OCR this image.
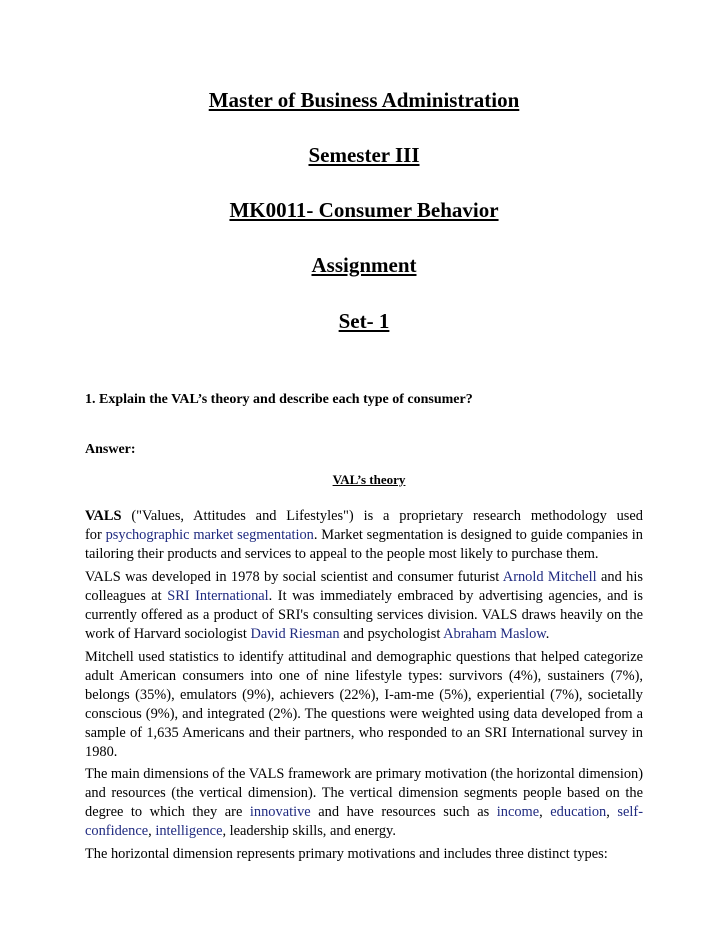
Master of Business Administration
Semester III
MK0011- Consumer Behavior
Assignment
Set- 1
1. Explain the VAL’s theory and describe each type of consumer?
Answer:
VAL’s theory
VALS ("Values, Attitudes and Lifestyles") is a proprietary research methodology used
for psychographic market segmentation. Market segmentation is designed to guide companies in
tailoring their products and services to appeal to the people most likely to purchase them.
VALS was developed in 1978 by social scientist and consumer futurist Arnold Mitchell and his
colleagues at SRI International. It was immediately embraced by advertising agencies, and is
currently offered as a product of SRI's consulting services division. VALS draws heavily on the
work of Harvard sociologist David Riesman and psychologist Abraham Maslow.
Mitchell used statistics to identify attitudinal and demographic questions that helped categorize
adult American consumers into one of nine lifestyle types: survivors (4%), sustainers (7%),
belongs (35%), emulators (9%), achievers (22%), I-am-me (5%), experiential (7%), societally
conscious (9%), and integrated (2%). The questions were weighted using data developed from a
sample of 1,635 Americans and their partners, who responded to an SRI International survey in
1980.
The main dimensions of the VALS framework are primary motivation (the horizontal dimension)
and resources (the vertical dimension). The vertical dimension segments people based on the
degree to which they are innovative and have resources such as income, education, self-
confidence, intelligence, leadership skills, and energy.
The horizontal dimension represents primary motivations and includes three distinct types:
